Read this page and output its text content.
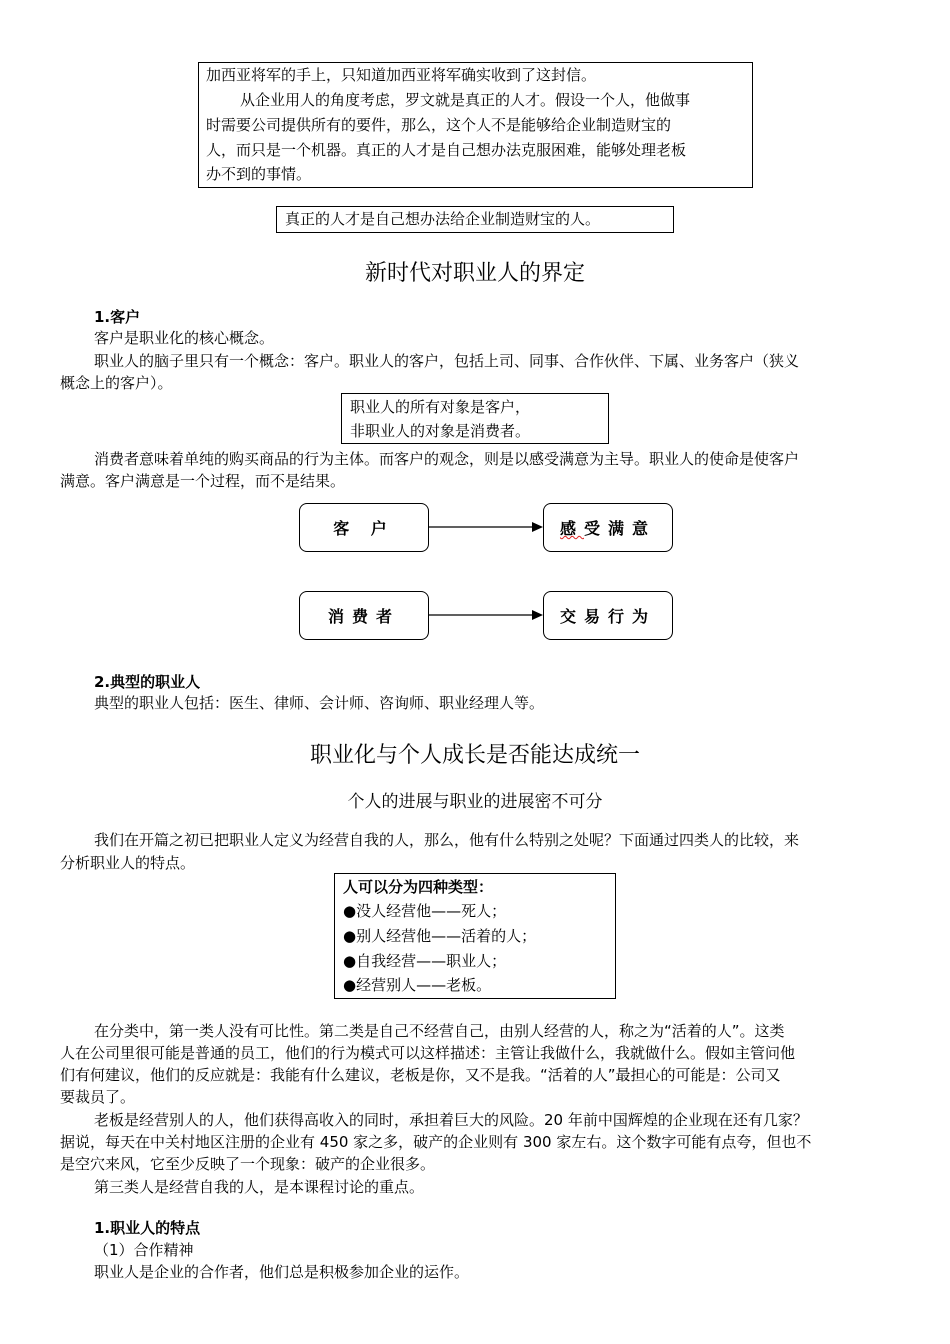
加西亚将军的手上，只知道加西亚将军确实收到了这封信。
从企业用人的角度考虑，罗文就是真正的人才。假设一个人，他做事
时需要公司提供所有的要件，那么，这个人不是能够给企业制造财宝的
人，而只是一个机器。真正的人才是自己想办法克服困难，能够处理老板
办不到的事情。
真正的人才是自己想办法给企业制造财宝的人。
新时代对职业人的界定
1.客户
客户是职业化的核心概念。
职业人的脑子里只有一个概念：客户。职业人的客户，包括上司、同事、合作伙伴、下属、业务客户（狭义
概念上的客户）。
职业人的所有对象是客户，
非职业人的对象是消费者。
消费者意味着单纯的购买商品的行为主体。而客户的观念，则是以感受满意为主导。职业人的使命是使客户
满意。客户满意是一个过程，而不是结果。
客 户	感受满意
消费者	交易行为
2.典型的职业人
典型的职业人包括：医生、律师、会计师、咨询师、职业经理人等。
职业化与个人成长是否能达成统一
个人的进展与职业的进展密不可分
我们在开篇之初已把职业人定义为经营自我的人，那么，他有什么特别之处呢？下面通过四类人的比较，来
分析职业人的特点。
人可以分为四种类型：
●没人经营他——死人；
●别人经营他——活着的人；
●自我经营——职业人；
●经营别人——老板。
在分类中，第一类人没有可比性。第二类是自己不经营自己，由别人经营的人，称之为“活着的人”。这类
人在公司里很可能是普通的员工，他们的行为模式可以这样描述：主管让我做什么，我就做什么。假如主管问他
们有何建议，他们的反应就是：我能有什么建议，老板是你，又不是我。“活着的人”最担心的可能是：公司又
要裁员了。
老板是经营别人的人，他们获得高收入的同时，承担着巨大的风险。20 年前中国辉煌的企业现在还有几家？
据说，每天在中关村地区注册的企业有 450 家之多，破产的企业则有 300 家左右。这个数字可能有点夸，但也不
是空穴来风，它至少反映了一个现象：破产的企业很多。
第三类人是经营自我的人，是本课程讨论的重点。
1.职业人的特点
（1）合作精神
职业人是企业的合作者，他们总是积极参加企业的运作。
